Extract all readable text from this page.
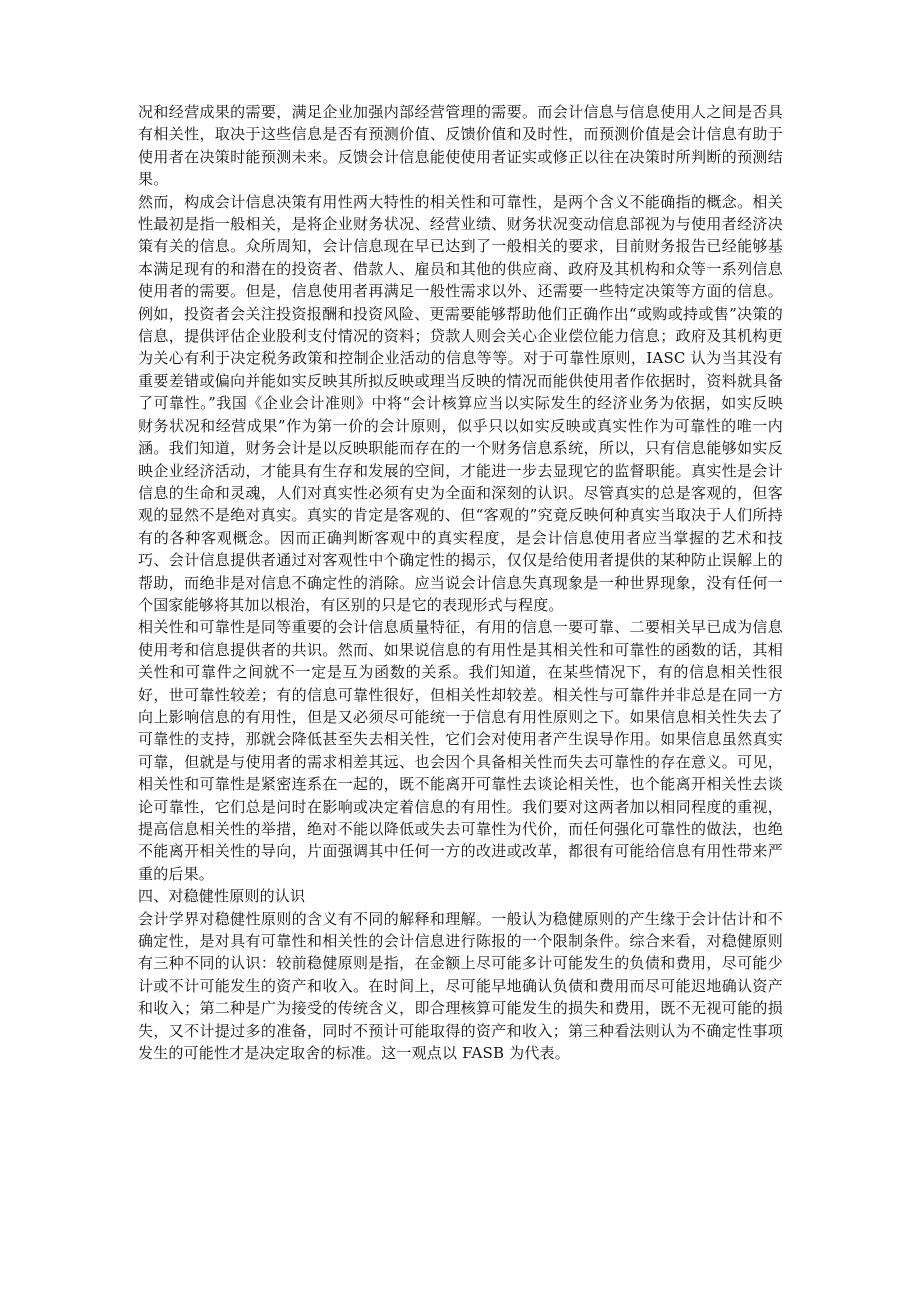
况和经营成果的需要，满足企业加强内部经营管理的需要。而会计信息与信息使用人之间是否具有相关性，取决于这些信息是否有预测价值、反馈价值和及时性，而预测价值是会计信息有助于使用者在决策时能预测未来。反馈会计信息能使使用者证实或修正以往在决策时所判断的预测结果。

然而，构成会计信息决策有用性两大特性的相关性和可靠性，是两个含义不能确指的概念。相关性最初是指一般相关，是将企业财务状况、经营业绩、财务状况变动信息部视为与使用者经济决策有关的信息。众所周知，会计信息现在早已达到了一般相关的要求，目前财务报告已经能够基本满足现有的和潜在的投资者、借款人、雇员和其他的供应商、政府及其机构和众等一系列信息使用者的需要。但是，信息使用者再满足一般性需求以外、还需要一些特定决策等方面的信息。例如，投资者会关注投资报酬和投资风险、更需要能够帮助他们正确作出“或购或持或售”决策的信息，提供评估企业股利支付情况的资料；贷款人则会关心企业偿位能力信息；政府及其机构更为关心有利于决定税务政策和控制企业活动的信息等等。对于可靠性原则，IASC 认为当其没有重要差错或偏向并能如实反映其所拟反映或理当反映的情况而能供使用者作依据时，资料就具备了可靠性。”我国《企业会计准则》中将“会计核算应当以实际发生的经济业务为依据，如实反映财务状况和经营成果”作为第一价的会计原则，似乎只以如实反映或真实性作为可靠性的唯一内涵。我们知道，财务会计是以反映职能而存在的一个财务信息系统，所以，只有信息能够如实反映企业经济活动，才能具有生存和发展的空间，才能进一步去显现它的监督职能。真实性是会计信息的生命和灵魂，人们对真实性必须有史为全面和深刻的认识。尽管真实的总是客观的，但客观的显然不是绝对真实。真实的肯定是客观的、但“客观的”究竟反映何种真实当取决于人们所持有的各种客观概念。因而正确判断客观中的真实程度，是会计信息使用者应当掌握的艺术和技巧、会计信息提供者通过对客观性中个确定性的揭示，仅仅是给使用者提供的某种防止误解上的帮助，而绝非是对信息不确定性的消除。应当说会计信息失真现象是一种世界现象，没有任何一个国家能够将其加以根治，有区别的只是它的表现形式与程度。

相关性和可靠性是同等重要的会计信息质量特征，有用的信息一要可靠、二要相关早已成为信息使用考和信息提供者的共识。然而、如果说信息的有用性是其相关性和可靠性的函数的话，其相关性和可靠件之间就不一定是互为函数的关系。我们知道，在某些情况下，有的信息相关性很好，世可靠性较差；有的信息可靠性很好，但相关性却较差。相关性与可靠件并非总是在同一方向上影响信息的有用性，但是又必须尽可能统一于信息有用性原则之下。如果信息相关性失去了可靠性的支持，那就会降低甚至失去相关性，它们会对使用者产生误导作用。如果信息虽然真实可靠，但就是与使用者的需求相差其远、也会因个具备相关性而失去可靠性的存在意义。可见，相关性和可靠性是紧密连系在一起的，既不能离开可靠性去谈论相关性，也个能离开相关性去谈论可靠性，它们总是问时在影响或决定着信息的有用性。我们要对这两者加以相同程度的重视，提高信息相关性的举措，绝对不能以降低或失去可靠性为代价，而任何强化可靠性的做法，也绝不能离开相关性的导向，片面强调其中任何一方的改进或改革，都很有可能给信息有用性带来严重的后果。

四、对稳健性原则的认识

会计学界对稳健性原则的含义有不同的解释和理解。一般认为稳健原则的产生缘于会计估计和不确定性，是对具有可靠性和相关性的会计信息进行陈报的一个限制条件。综合来看，对稳健原则有三种不同的认识：较前稳健原则是指，在金额上尽可能多计可能发生的负债和费用，尽可能少计或不计可能发生的资产和收入。在时间上，尽可能早地确认负债和费用而尽可能迟地确认资产和收入；第二种是广为接受的传统含义，即合理核算可能发生的损失和费用，既不无视可能的损失，又不计提过多的准备，同时不预计可能取得的资产和收入；第三种看法则认为不确定性事项发生的可能性才是决定取舍的标准。这一观点以 FASB 为代表。
